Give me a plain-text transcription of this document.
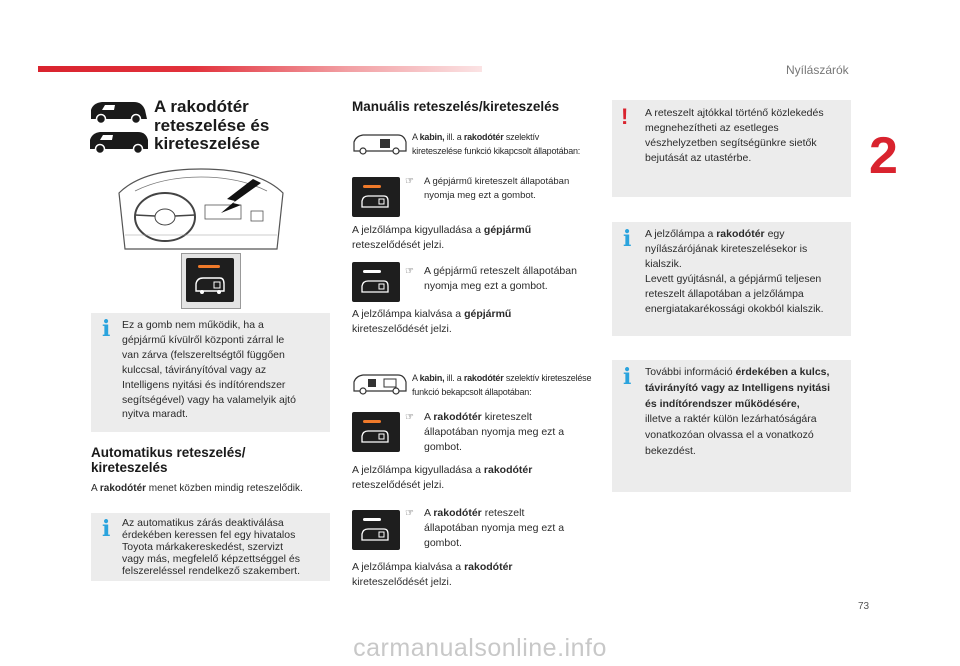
Nyílászárók
2
A rakodótér
reteszelése és
kireteszelése
i Ez a gomb nem működik, ha a
gépjármű kívülről központi zárral le
van zárva (felszereltségtől függően
kulccsal, távirányítóval vagy az
Intelligens nyitási és indítórendszer
segítségével) vagy ha valamelyik ajtó
nyitva maradt.
Automatikus reteszelés/
kireteszelés
A rakodótér menet közben mindig reteszelődik.
i Az automatikus zárás deaktiválása
érdekében keressen fel egy hivatalos
Toyota márkakereskedést, szervizt
vagy más, megfelelő képzettséggel és
felszereléssel rendelkező szakembert.
Manuális reteszelés/kireteszelés
A kabin, ill. a rakodótér szelektív
kireteszelése funkció kikapcsolt állapotában:
☞ A gépjármű kireteszelt állapotában
nyomja meg ezt a gombot.
A jelzőlámpa kigyulladása a gépjármű
reteszelődését jelzi.
☞ A gépjármű reteszelt állapotában
nyomja meg ezt a gombot.
A jelzőlámpa kialvása a gépjármű
kireteszelődését jelzi.
A kabin, ill. a rakodótér szelektív kireteszelése
funkció bekapcsolt állapotában:
☞ A rakodótér kireteszelt
állapotában nyomja meg ezt a
gombot.
A jelzőlámpa kigyulladása a rakodótér
reteszelődését jelzi.
☞ A rakodótér reteszelt
állapotában nyomja meg ezt a
gombot.
A jelzőlámpa kialvása a rakodótér
kireteszelődését jelzi.
! A reteszelt ajtókkal történő közlekedés
megnehezítheti az esetleges
vészhelyzetben segítségünkre sietők
bejutását az utastérbe.
i A jelzőlámpa a rakodótér egy
nyílászárójának kireteszelésekor is
kialszik.
Levett gyújtásnál, a gépjármű teljesen
reteszelt állapotában a jelzőlámpa
energiatakarékossági okokból kialszik.
i További információ érdekében a kulcs,
távirányító vagy az Intelligens nyitási
és indítórendszer működésére,
illetve a raktér külön lezárhatóságára
vonatkozóan olvassa el a vonatkozó
bekezdést.
73
carmanualsonline.info
